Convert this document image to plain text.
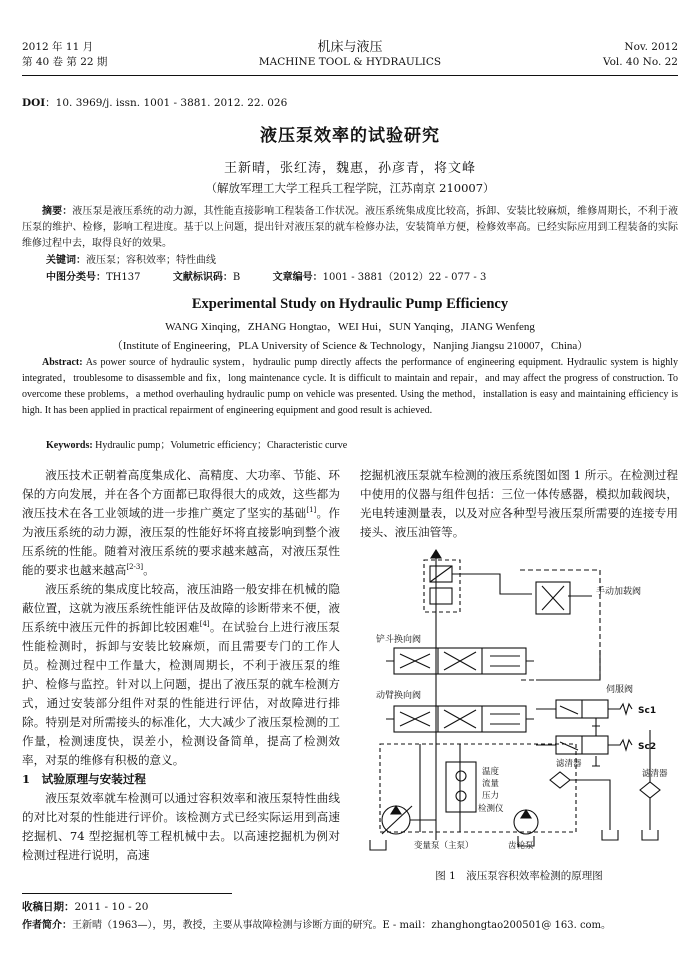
2012 年 11 月
第 40 卷 第 22 期
机床与液压
MACHINE TOOL & HYDRAULICS
Nov. 2012
Vol. 40 No. 22
DOI：10. 3969/j. issn. 1001 - 3881. 2012. 22. 026
液压泵效率的试验研究
王新晴，张红涛，魏惠，孙彦青，将文峰
（解放军理工大学工程兵工程学院，江苏南京 210007）
摘要：液压泵是液压系统的动力源，其性能直接影响工程装备工作状况。液压系统集成度比较高，拆卸、安装比较麻烦，维修周期长，不利于液压泵的维护、检修，影响工程进度。基于以上问题，提出针对液压泵的就车检修办法，安装简单方便，检修效率高。已经实际应用到工程装备的实际维修过程中去，取得良好的效果。
关键词：液压泵；容积效率；特性曲线
中图分类号：TH137	文献标识码：B	文章编号：1001 - 3881（2012）22 - 077 - 3
Experimental Study on Hydraulic Pump Efficiency
WANG Xinqing，ZHANG Hongtao，WEI Hui，SUN Yanqing，JIANG Wenfeng
（Institute of Engineering，PLA University of Science & Technology，Nanjing Jiangsu 210007，China）
Abstract: As power source of hydraulic system，hydraulic pump directly affects the performance of engineering equipment. Hydraulic system is highly integrated，troublesome to disassemble and fix，long maintenance cycle. It is difficult to maintain and repair，and may affect the progress of construction. To overcome these problems，a method overhauling hydraulic pump on vehicle was presented. Using the method，installation is easy and maintaining efficiency is high. It has been applied in practical repairment of engineering equipment and good result is achieved.
Keywords: Hydraulic pump；Volumetric efficiency；Characteristic curve

液压技术正朝着高度集成化、高精度、大功率、节能、环保的方向发展，并在各个方面都已取得很大的成效，这些都为液压技术在各工业领域的进一步推广奠定了坚实的基础[1]。作为液压系统的动力源，液压泵的性能好坏将直接影响到整个液压系统的性能。随着对液压系统的要求越来越高，对液压泵性能的要求也越来越高[2-3]。

液压系统的集成度比较高，液压油路一般安排在机械的隐蔽位置，这就为液压系统性能评估及故障的诊断带来不便，液压系统中液压元件的拆卸比较困难[4]。在试验台上进行液压泵性能检测时，拆卸与安装比较麻烦，而且需要专门的工作人员。检测过程中工作量大，检测周期长，不利于液压泵的维护、检修与监控。针对以上问题，提出了液压泵的就车检测方式，通过安装部分组件对泵的性能进行评估，对故障进行排除。特别是对所需接头的标准化，大大减少了液压泵检测的工作量，检测速度快，误差小，检测设备简单，提高了检测效率，对泵的维修有积极的意义。

1　试验原理与安装过程

液压泵效率就车检测可以通过容积效率和液压泵特性曲线的对比对泵的性能进行评价。该检测方式已经实际运用到高速挖掘机、74 型挖掘机等工程机械中去。以高速挖掘机为例对检测过程进行说明，高速

挖掘机液压泵就车检测的液压系统图如图 1 所示。在检测过程中使用的仪器与组件包括：三位一体传感器，模拟加载阀块，光电转速测量表，以及对应各种型号液压泵所需要的连接专用接头、液压油管等。

手动加载阀
铲斗换向阀
伺服阀
Sc1
Sc2
动臂换向阀
温度
流量
压力
检测仪
滤清器
滤清器
变量泵（主泵）	齿轮泵
图 1　液压泵容积效率检测的原理图
收稿日期：2011 - 10 - 20
作者简介：王新晴（1963—），男，教授，主要从事故障检测与诊断方面的研究。E - mail：zhanghongtao200501@ 163. com。
